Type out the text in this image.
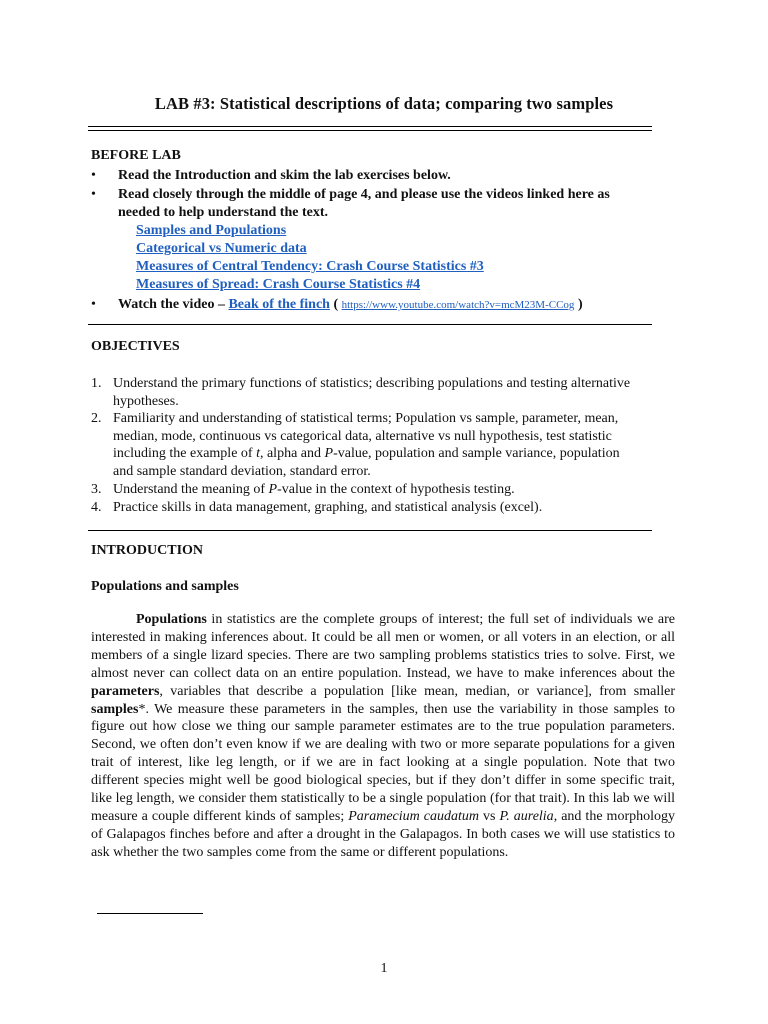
LAB #3: Statistical descriptions of data; comparing two samples
BEFORE LAB
• Read the Introduction and skim the lab exercises below.
• Read closely through the middle of page 4, and please use the videos linked here as
needed to help understand the text.
Samples and Populations
Categorical vs Numeric data
Measures of Central Tendency: Crash Course Statistics #3
Measures of Spread: Crash Course Statistics #4
• Watch the video – Beak of the finch ( https://www.youtube.com/watch?v=mcM23M-CCog )
OBJECTIVES
1. Understand the primary functions of statistics; describing populations and testing alternative
hypotheses.
2. Familiarity and understanding of statistical terms; Population vs sample, parameter, mean,
median, mode, continuous vs categorical data, alternative vs null hypothesis, test statistic
including the example of t, alpha and P-value, population and sample variance, population
and sample standard deviation, standard error.
3. Understand the meaning of P-value in the context of hypothesis testing.
4. Practice skills in data management, graphing, and statistical analysis (excel).
INTRODUCTION
Populations and samples
Populations in statistics are the complete groups of interest; the full set of individuals we are interested in making inferences about. It could be all men or women, or all voters in an election, or all members of a single lizard species. There are two sampling problems statistics tries to solve. First, we almost never can collect data on an entire population. Instead, we have to make inferences about the parameters, variables that describe a population [like mean, median, or variance], from smaller samples*. We measure these parameters in the samples, then use the variability in those samples to figure out how close we thing our sample parameter estimates are to the true population parameters. Second, we often don’t even know if we are dealing with two or more separate populations for a given trait of interest, like leg length, or if we are in fact looking at a single population. Note that two different species might well be good biological species, but if they don’t differ in some specific trait, like leg length, we consider them statistically to be a single population (for that trait). In this lab we will measure a couple different kinds of samples; Paramecium caudatum vs P. aurelia, and the morphology of Galapagos finches before and after a drought in the Galapagos. In both cases we will use statistics to ask whether the two samples come from the same or different populations.
1
